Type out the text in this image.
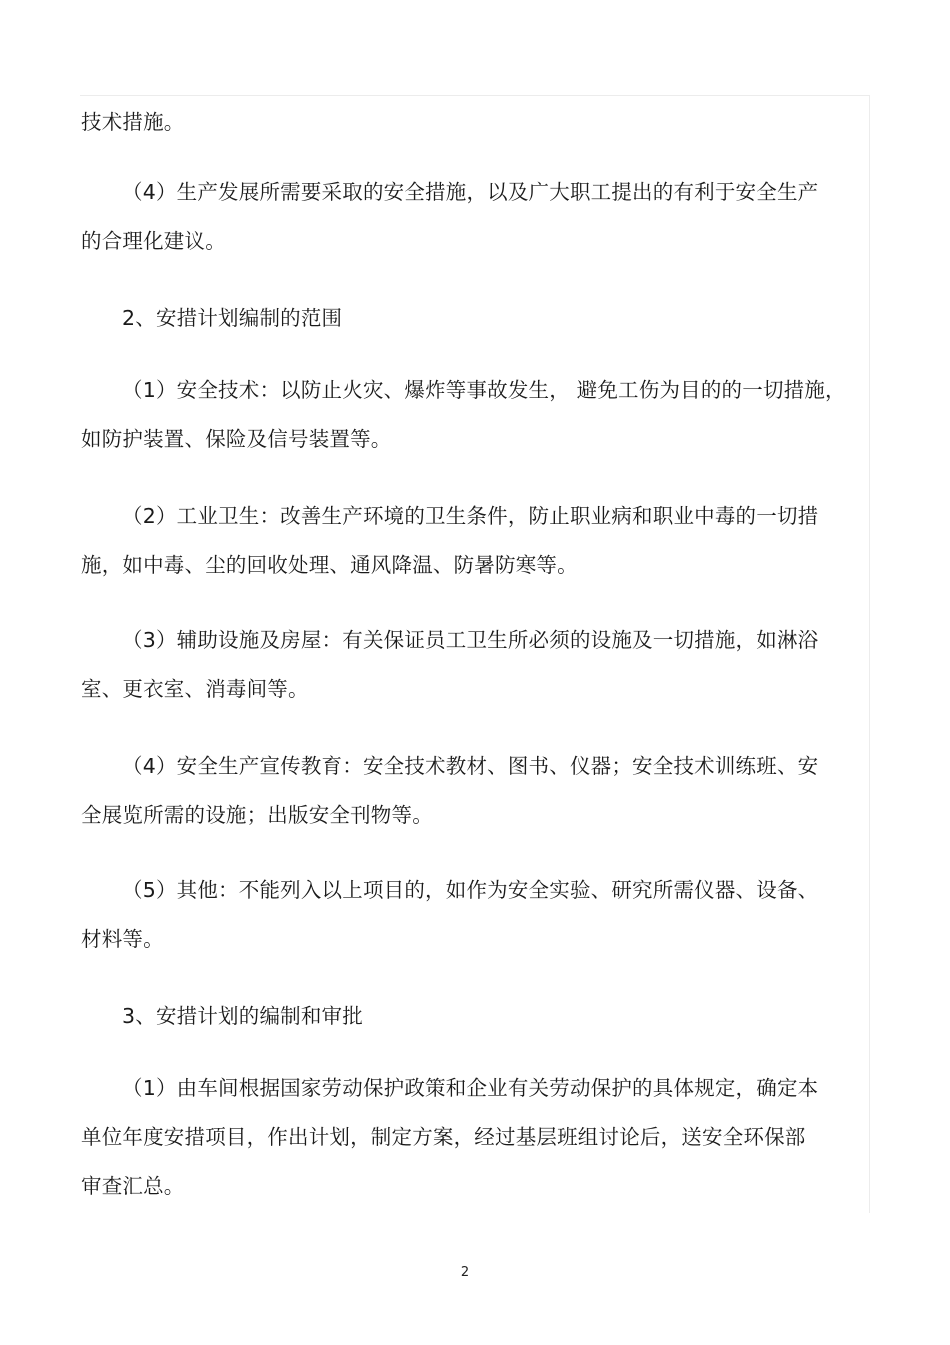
技术措施。

（4）生产发展所需要采取的安全措施，以及广大职工提出的有利于安全生产
的合理化建议。

2、安措计划编制的范围

（1）安全技术：以防止火灾、爆炸等事故发生， 避免工伤为目的的一切措施，
如防护装置、保险及信号装置等。

（2）工业卫生：改善生产环境的卫生条件，防止职业病和职业中毒的一切措
施，如中毒、尘的回收处理、通风降温、防暑防寒等。

（3）辅助设施及房屋：有关保证员工卫生所必须的设施及一切措施，如淋浴
室、更衣室、消毒间等。

（4）安全生产宣传教育：安全技术教材、图书、仪器；安全技术训练班、安
全展览所需的设施；出版安全刊物等。

（5）其他：不能列入以上项目的，如作为安全实验、研究所需仪器、设备、
材料等。

3、安措计划的编制和审批

（1）由车间根据国家劳动保护政策和企业有关劳动保护的具体规定，确定本
单位年度安措项目，作出计划，制定方案，经过基层班组讨论后，送安全环保部
审查汇总。

2
